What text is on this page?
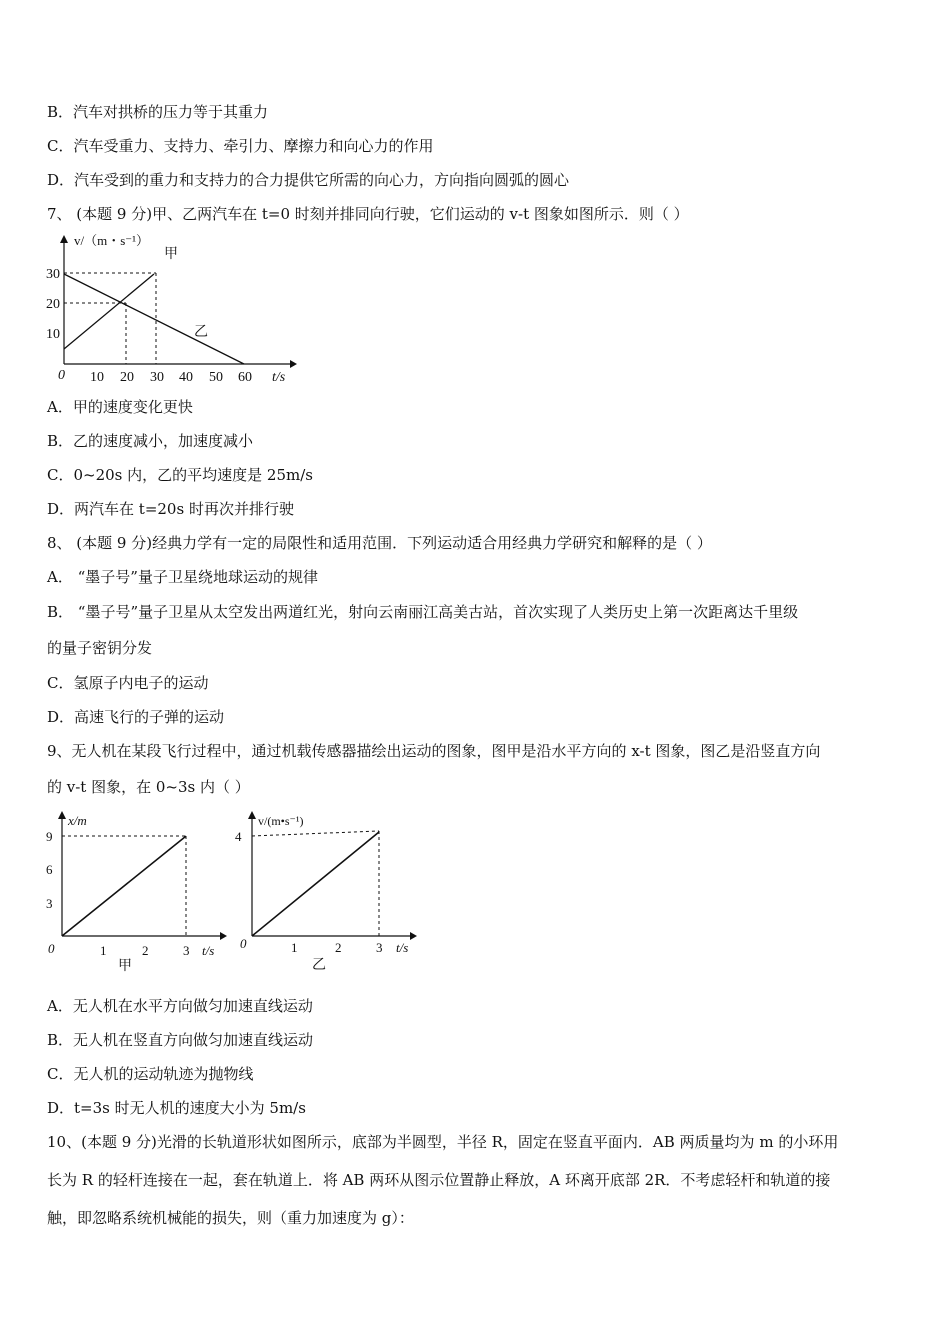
B．汽车对拱桥的压力等于其重力
C．汽车受重力、支持力、牵引力、摩擦力和向心力的作用
D．汽车受到的重力和支持力的合力提供它所需的向心力，方向指向圆弧的圆心
7、 (本题 9 分)甲、乙两汽车在 t=0 时刻并排同向行驶，它们运动的 v-t 图象如图所示．则（ ）
v/（m・s⁻¹）
甲
乙
30
20
10
0 10 20 30 40 50 60 t/s
A．甲的速度变化更快
B．乙的速度减小，加速度减小
C．0~20s 内，乙的平均速度是 25m/s
D．两汽车在 t=20s 时再次并排行驶
8、 (本题 9 分)经典力学有一定的局限性和适用范围．下列运动适合用经典力学研究和解释的是（ ）
A． “墨子号”量子卫星绕地球运动的规律
B． “墨子号”量子卫星从太空发出两道红光，射向云南丽江高美古站，首次实现了人类历史上第一次距离达千里级
的量子密钥分发
C．氢原子内电子的运动
D．高速飞行的子弹的运动
9、无人机在某段飞行过程中，通过机载传感器描绘出运动的图象，图甲是沿水平方向的 x-t 图象，图乙是沿竖直方向
的 v-t 图象，在 0~3s 内（ ）
x/m
9
6
3
0	1	2	3 t/s
甲
v/(m•s⁻¹)
4
0	1	2	3 t/s
乙
A．无人机在水平方向做匀加速直线运动
B．无人机在竖直方向做匀加速直线运动
C．无人机的运动轨迹为抛物线
D．t=3s 时无人机的速度大小为 5m/s
10、(本题 9 分)光滑的长轨道形状如图所示，底部为半圆型，半径 R，固定在竖直平面内．AB 两质量均为 m 的小环用
长为 R 的轻杆连接在一起，套在轨道上．将 AB 两环从图示位置静止释放，A 环离开底部 2R．不考虑轻杆和轨道的接
触，即忽略系统机械能的损失，则（重力加速度为 g）：
